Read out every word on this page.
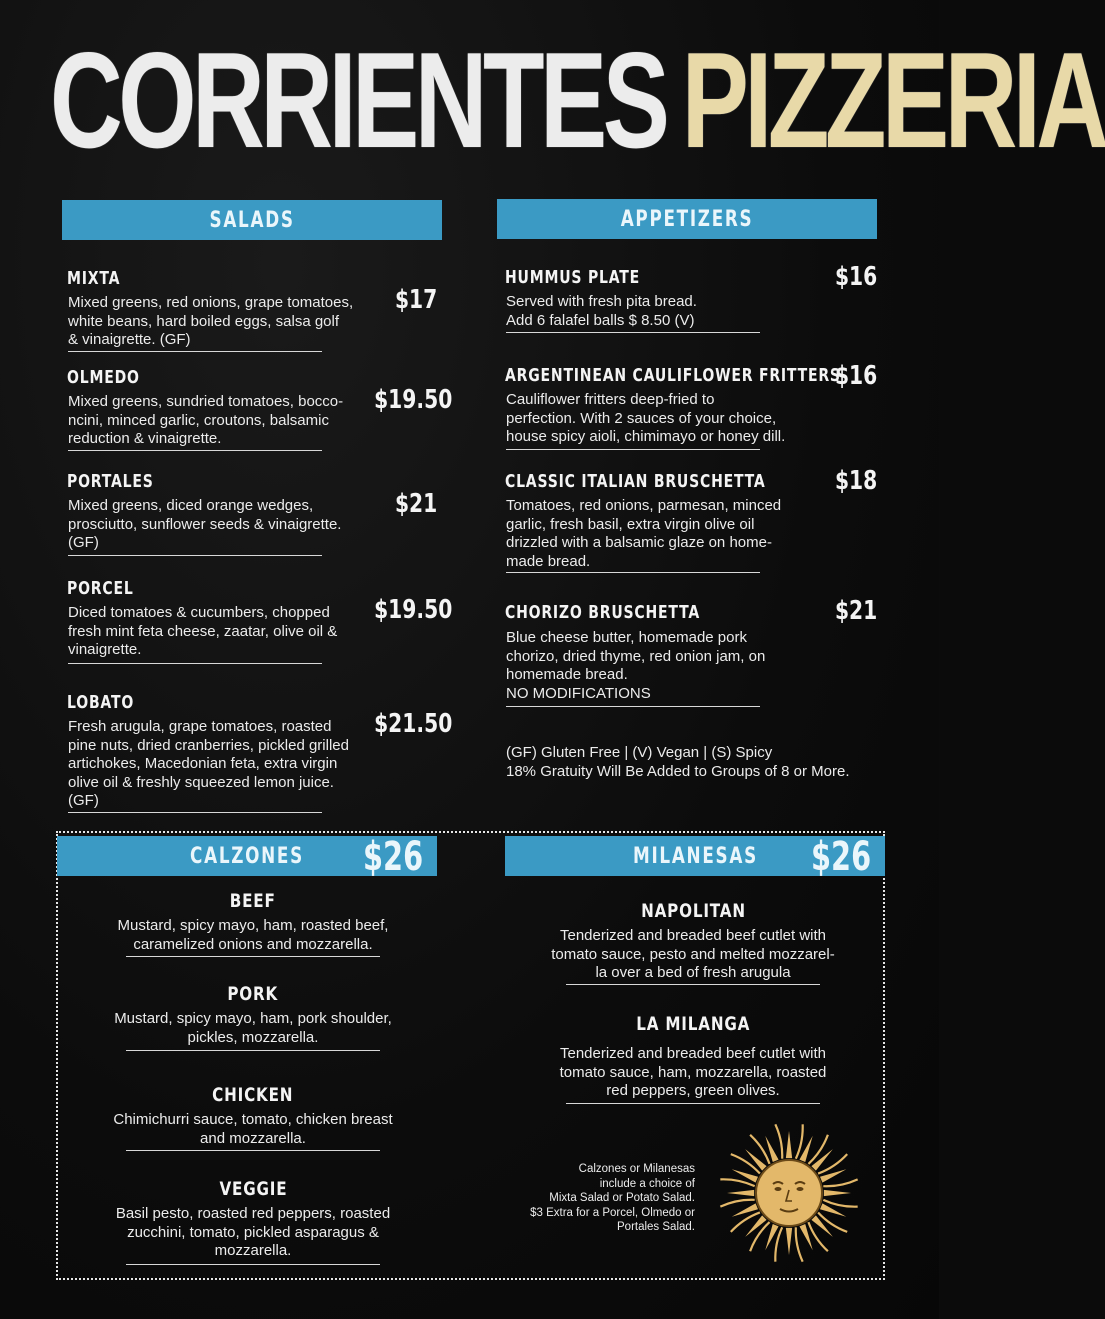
CORRIENTES PIZZERIA
SALADS
MIXTA
Mixed greens, red onions, grape tomatoes,
white beans, hard boiled eggs, salsa golf
& vinaigrette. (GF)
$17
OLMEDO
Mixed greens, sundried tomatoes, bocco-
ncini, minced garlic, croutons, balsamic
reduction & vinaigrette.
$19.50
PORTALES
Mixed greens, diced orange wedges,
prosciutto, sunflower seeds & vinaigrette.
(GF)
$21
PORCEL
Diced tomatoes & cucumbers, chopped
fresh mint feta cheese, zaatar, olive oil &
vinaigrette.
$19.50
LOBATO
Fresh arugula, grape tomatoes, roasted
pine nuts, dried cranberries, pickled grilled
artichokes, Macedonian feta, extra virgin
olive oil & freshly squeezed lemon juice.
(GF)
$21.50
APPETIZERS
HUMMUS PLATE
Served with fresh pita bread.
Add 6 falafel balls $ 8.50 (V)
$16
ARGENTINEAN CAULIFLOWER FRITTERS
Cauliflower fritters deep-fried to
perfection. With 2 sauces of your choice,
house spicy aioli, chimimayo or honey dill.
$16
CLASSIC ITALIAN BRUSCHETTA
Tomatoes, red onions, parmesan, minced
garlic, fresh basil, extra virgin olive oil
drizzled with a balsamic glaze on home-
made bread.
$18
CHORIZO BRUSCHETTA
Blue cheese butter, homemade pork
chorizo, dried thyme, red onion jam, on
homemade bread.
NO MODIFICATIONS
$21
(GF) Gluten Free | (V) Vegan | (S) Spicy
18% Gratuity Will Be Added to Groups of 8 or More.
CALZONES $26
BEEF
Mustard, spicy mayo, ham, roasted beef,
caramelized onions and mozzarella.
PORK
Mustard, spicy mayo, ham, pork shoulder,
pickles, mozzarella.
CHICKEN
Chimichurri sauce, tomato, chicken breast
and mozzarella.
VEGGIE
Basil pesto, roasted red peppers, roasted
zucchini, tomato, pickled asparagus &
mozzarella.
MILANESAS $26
NAPOLITAN
Tenderized and breaded beef cutlet with
tomato sauce, pesto and melted mozzarel-
la over a bed of fresh arugula
LA MILANGA
Tenderized and breaded beef cutlet with
tomato sauce, ham, mozzarella, roasted
red peppers, green olives.
Calzones or Milanesas
include a choice of
Mixta Salad or Potato Salad.
$3 Extra for a Porcel, Olmedo or
Portales Salad.
